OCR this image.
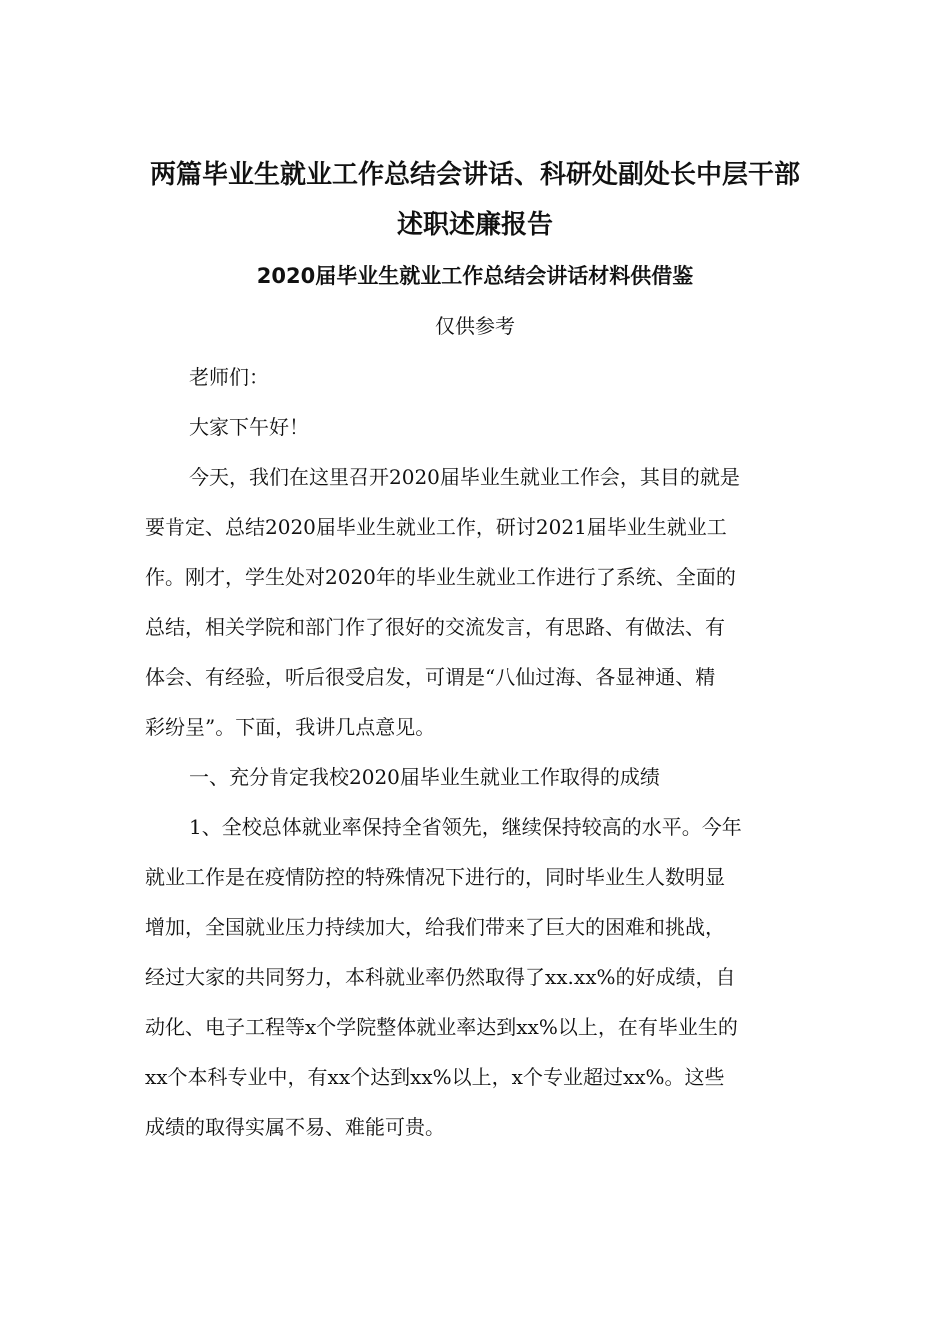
两篇毕业生就业工作总结会讲话、科研处副处长中层干部
述职述廉报告
2020届毕业生就业工作总结会讲话材料供借鉴

仅供参考

老师们：

大家下午好！

今天，我们在这里召开2020届毕业生就业工作会，其目的就是
要肯定、总结2020届毕业生就业工作，研讨2021届毕业生就业工
作。刚才，学生处对2020年的毕业生就业工作进行了系统、全面的
总结，相关学院和部门作了很好的交流发言，有思路、有做法、有
体会、有经验，听后很受启发，可谓是“八仙过海、各显神通、精
彩纷呈”。下面，我讲几点意见。

一、充分肯定我校2020届毕业生就业工作取得的成绩

1、全校总体就业率保持全省领先，继续保持较高的水平。今年
就业工作是在疫情防控的特殊情况下进行的，同时毕业生人数明显
增加，全国就业压力持续加大，给我们带来了巨大的困难和挑战，
经过大家的共同努力，本科就业率仍然取得了xx.xx%的好成绩，自
动化、电子工程等x个学院整体就业率达到xx%以上，在有毕业生的
xx个本科专业中，有xx个达到xx%以上，x个专业超过xx%。这些
成绩的取得实属不易、难能可贵。
